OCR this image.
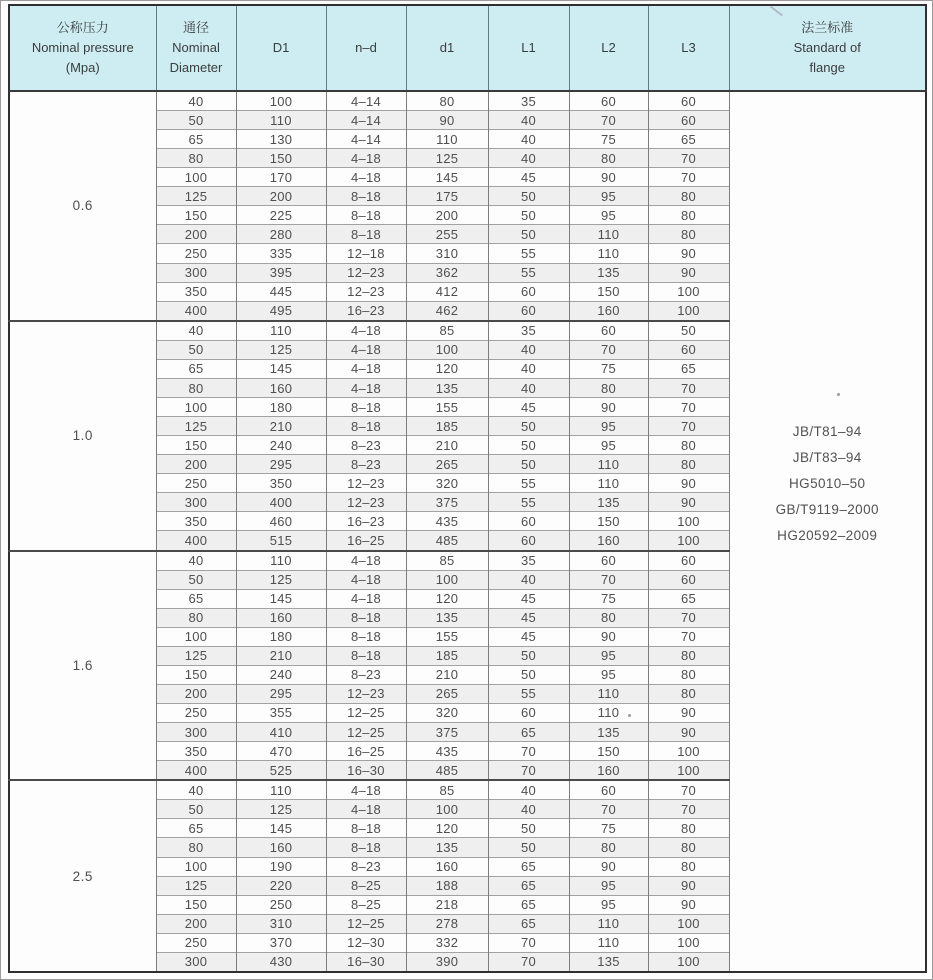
公称压力
Nominal pressure
(Mpa)	通径
Nominal
Diameter	D1	n–d	d1	L1	L2	L3	法兰标准
Standard of
flange
0.6	40	100	4–14	80	35	60	60	JB/T81–94
JB/T83–94
HG5010–50
GB/T9119–2000
HG20592–2009

	50	110	4–14	90	40	70	60	
	65	130	4–14	110	40	75	65	
	80	150	4–18	125	40	80	70	
	100	170	4–18	145	45	90	70	
	125	200	8–18	175	50	95	80	
	150	225	8–18	200	50	95	80	
	200	280	8–18	255	50	110	80	
	250	335	12–18	310	55	110	90	
	300	395	12–23	362	55	135	90	
	350	445	12–23	412	60	150	100	
	400	495	16–23	462	60	160	100	
1.0	40	110	4–18	85	35	60	50	
	50	125	4–18	100	40	70	60	
	65	145	4–18	120	40	75	65	
	80	160	4–18	135	40	80	70	
	100	180	8–18	155	45	90	70	
	125	210	8–18	185	50	95	70	
	150	240	8–23	210	50	95	80	
	200	295	8–23	265	50	110	80	
	250	350	12–23	320	55	110	90	
	300	400	12–23	375	55	135	90	
	350	460	16–23	435	60	150	100	
	400	515	16–25	485	60	160	100	
1.6	40	110	4–18	85	35	60	60	
	50	125	4–18	100	40	70	60	
	65	145	4–18	120	45	75	65	
	80	160	8–18	135	45	80	70	
	100	180	8–18	155	45	90	70	
	125	210	8–18	185	50	95	80	
	150	240	8–23	210	50	95	80	
	200	295	12–23	265	55	110	80	
	250	355	12–25	320	60	110	90	
	300	410	12–25	375	65	135	90	
	350	470	16–25	435	70	150	100	
	400	525	16–30	485	70	160	100	
2.5	40	110	4–18	85	40	60	70	
	50	125	4–18	100	40	70	70	
	65	145	8–18	120	50	75	80	
	80	160	8–18	135	50	80	80	
	100	190	8–23	160	65	90	80	
	125	220	8–25	188	65	95	90	
	150	250	8–25	218	65	95	90	
	200	310	12–25	278	65	110	100	
	250	370	12–30	332	70	110	100	
	300	430	16–30	390	70	135	100	
